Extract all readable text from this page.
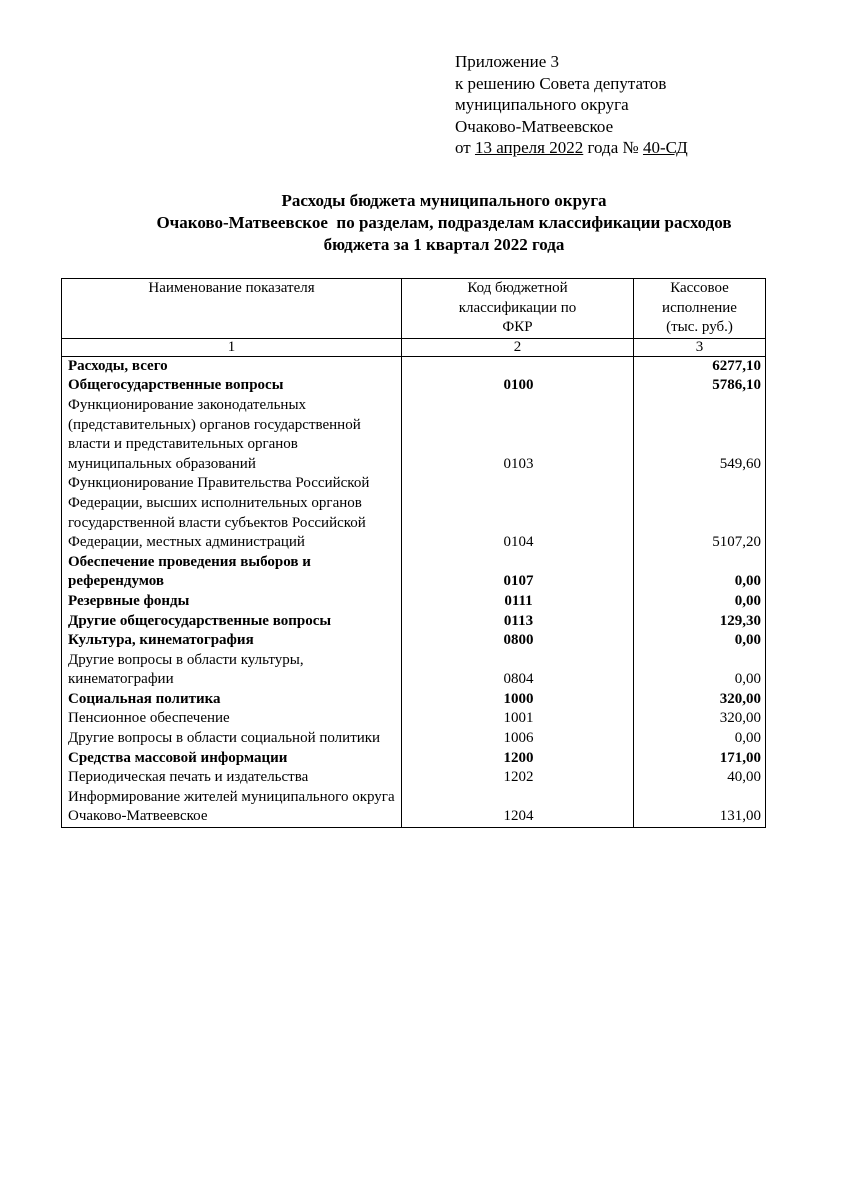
Приложение 3
к решению Совета депутатов
муниципального округа
Очаково-Матвеевское
от 13 апреля 2022 года № 40-СД
Расходы бюджета муниципального округа
Очаково-Матвеевское  по разделам, подразделам классификации расходов
бюджета за 1 квартал 2022 года
Наименование показателя	Код бюджетной классификации по ФКР	Кассовое исполнение (тыс. руб.)
1	2	3
Расходы, всего		6277,10
Общегосударственные вопросы	0100	5786,10
Функционирование законодательных (представительных) органов государственной власти и представительных органов муниципальных образований	0103	549,60
Функционирование Правительства Российской Федерации, высших исполнительных органов государственной власти субъектов Российской Федерации, местных администраций	0104	5107,20
Обеспечение проведения выборов и референдумов	0107	0,00
Резервные фонды	0111	0,00
Другие общегосударственные вопросы	0113	129,30
Культура, кинематография	0800	0,00
Другие вопросы в области культуры, кинематографии	0804	0,00
Социальная политика	1000	320,00
Пенсионное обеспечение	1001	320,00
Другие вопросы в области социальной политики	1006	0,00
Средства массовой информации	1200	171,00
Периодическая печать и издательства	1202	40,00
Информирование жителей муниципального округа Очаково-Матвеевское	1204	131,00
